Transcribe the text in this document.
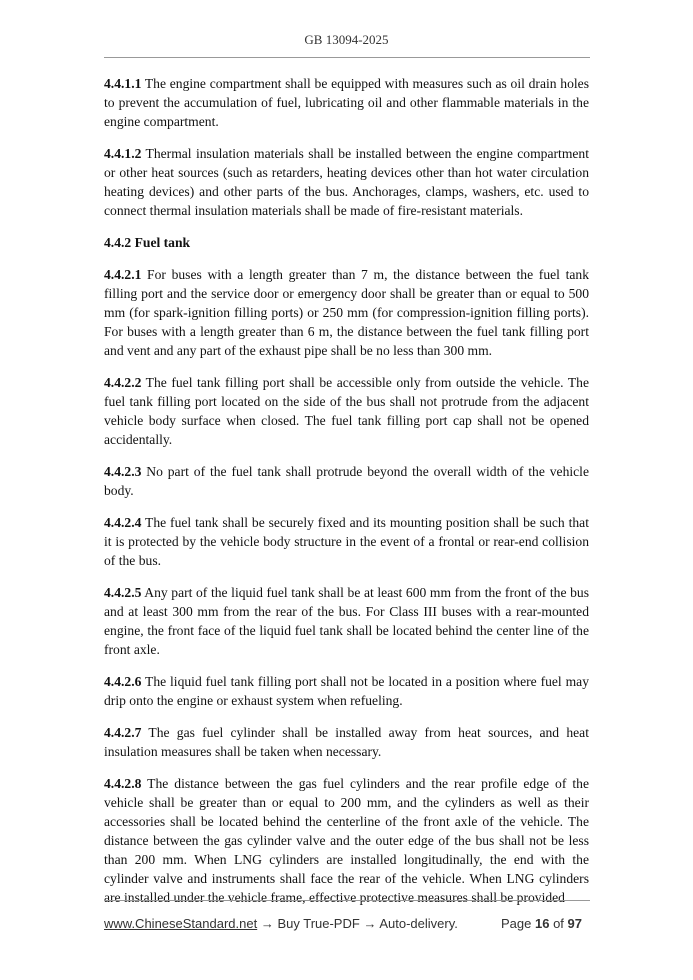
GB 13094-2025

4.4.1.1 The engine compartment shall be equipped with measures such as oil drain holes to prevent the accumulation of fuel, lubricating oil and other flammable materials in the engine compartment.

4.4.1.2 Thermal insulation materials shall be installed between the engine compartment or other heat sources (such as retarders, heating devices other than hot water circulation heating devices) and other parts of the bus. Anchorages, clamps, washers, etc. used to connect thermal insulation materials shall be made of fire-resistant materials.

4.4.2 Fuel tank

4.4.2.1 For buses with a length greater than 7 m, the distance between the fuel tank filling port and the service door or emergency door shall be greater than or equal to 500 mm (for spark-ignition filling ports) or 250 mm (for compression-ignition filling ports). For buses with a length greater than 6 m, the distance between the fuel tank filling port and vent and any part of the exhaust pipe shall be no less than 300 mm.

4.4.2.2 The fuel tank filling port shall be accessible only from outside the vehicle. The fuel tank filling port located on the side of the bus shall not protrude from the adjacent vehicle body surface when closed. The fuel tank filling port cap shall not be opened accidentally.

4.4.2.3 No part of the fuel tank shall protrude beyond the overall width of the vehicle body.

4.4.2.4 The fuel tank shall be securely fixed and its mounting position shall be such that it is protected by the vehicle body structure in the event of a frontal or rear-end collision of the bus.

4.4.2.5 Any part of the liquid fuel tank shall be at least 600 mm from the front of the bus and at least 300 mm from the rear of the bus. For Class III buses with a rear-mounted engine, the front face of the liquid fuel tank shall be located behind the center line of the front axle.

4.4.2.6 The liquid fuel tank filling port shall not be located in a position where fuel may drip onto the engine or exhaust system when refueling.

4.4.2.7 The gas fuel cylinder shall be installed away from heat sources, and heat insulation measures shall be taken when necessary.

4.4.2.8 The distance between the gas fuel cylinders and the rear profile edge of the vehicle shall be greater than or equal to 200 mm, and the cylinders as well as their accessories shall be located behind the centerline of the front axle of the vehicle. The distance between the gas cylinder valve and the outer edge of the bus shall not be less than 200 mm. When LNG cylinders are installed longitudinally, the end with the cylinder valve and instruments shall face the rear of the vehicle. When LNG cylinders are installed under the vehicle frame, effective protective measures shall be provided

www.ChineseStandard.net → Buy True-PDF → Auto-delivery.	Page 16 of 97
